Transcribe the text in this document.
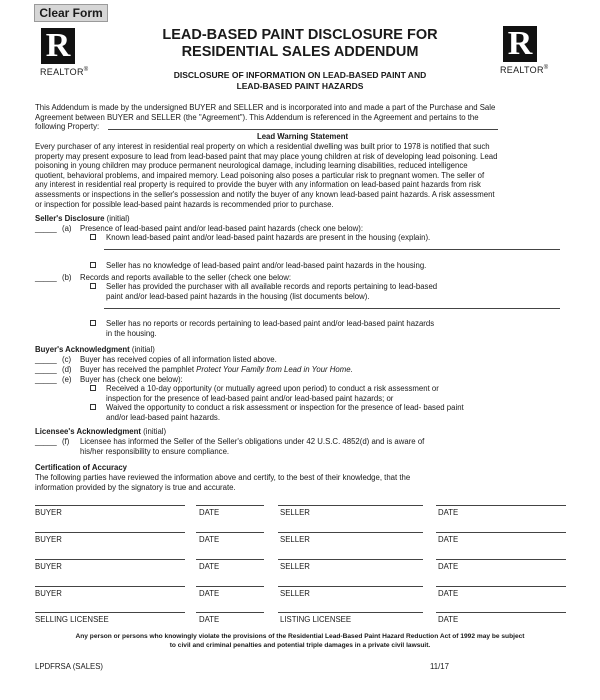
Clear Form
R
REALTOR®
R
REALTOR®
LEAD-BASED PAINT DISCLOSURE FOR
RESIDENTIAL SALES ADDENDUM
DISCLOSURE OF INFORMATION ON LEAD-BASED PAINT AND
LEAD-BASED PAINT HAZARDS
This Addendum is made by the undersigned BUYER and SELLER and is incorporated into and made a part of the Purchase and Sale
Agreement between BUYER and SELLER (the "Agreement"). This Addendum is referenced in the Agreement and pertains to the
following Property:
Lead Warning Statement
Every purchaser of any interest in residential real property on which a residential dwelling was built prior to 1978 is notified that such
property may present exposure to lead from lead-based paint that may place young children at risk of developing lead poisoning. Lead
poisoning in young children may produce permanent neurological damage, including learning disabilities, reduced intelligence
quotient, behavioral problems, and impaired memory. Lead poisoning also poses a particular risk to pregnant women. The seller of
any interest in residential real property is required to provide the buyer with any information on lead-based paint hazards from risk
assessments or inspections in the seller's possession and notify the buyer of any known lead-based paint hazards. A risk assessment
or inspection for possible lead-based paint hazards is recommended prior to purchase.
Seller's Disclosure (initial)
_____ (a) Presence of lead-based paint and/or lead-based paint hazards (check one below):
Known lead-based paint and/or lead-based paint hazards are present in the housing (explain).
Seller has no knowledge of lead-based paint and/or lead-based paint hazards in the housing.
_____ (b) Records and reports available to the seller (check one below:
Seller has provided the purchaser with all available records and reports pertaining to lead-based
paint and/or lead-based paint hazards in the housing (list documents below).
Seller has no reports or records pertaining to lead-based paint and/or lead-based paint hazards
in the housing.
Buyer's Acknowledgment (initial)
_____ (c) Buyer has received copies of all information listed above.
_____ (d) Buyer has received the pamphlet Protect Your Family from Lead in Your Home.
_____ (e) Buyer has (check one below):
Received a 10-day opportunity (or mutually agreed upon period) to conduct a risk assessment or
inspection for the presence of lead-based paint and/or lead-based paint hazards; or
Waived the opportunity to conduct a risk assessment or inspection for the presence of lead- based paint
and/or lead-based paint hazards.
Licensee's Acknowledgment (initial)
_____ (f) Licensee has informed the Seller of the Seller's obligations under 42 U.S.C. 4852(d) and is aware of
his/her responsibility to ensure compliance.
Certification of Accuracy
The following parties have reviewed the information above and certify, to the best of their knowledge, that the
information provided by the signatory is true and accurate.
BUYER	DATE	SELLER	DATE
BUYER	DATE	SELLER	DATE
BUYER	DATE	SELLER	DATE
BUYER	DATE	SELLER	DATE
SELLING LICENSEE	DATE	LISTING LICENSEE	DATE
Any person or persons who knowingly violate the provisions of the Residential Lead-Based Paint Hazard Reduction Act of 1992 may be subject
to civil and criminal penalties and potential triple damages in a private civil lawsuit.
LPDFRSA (SALES)	11/17
